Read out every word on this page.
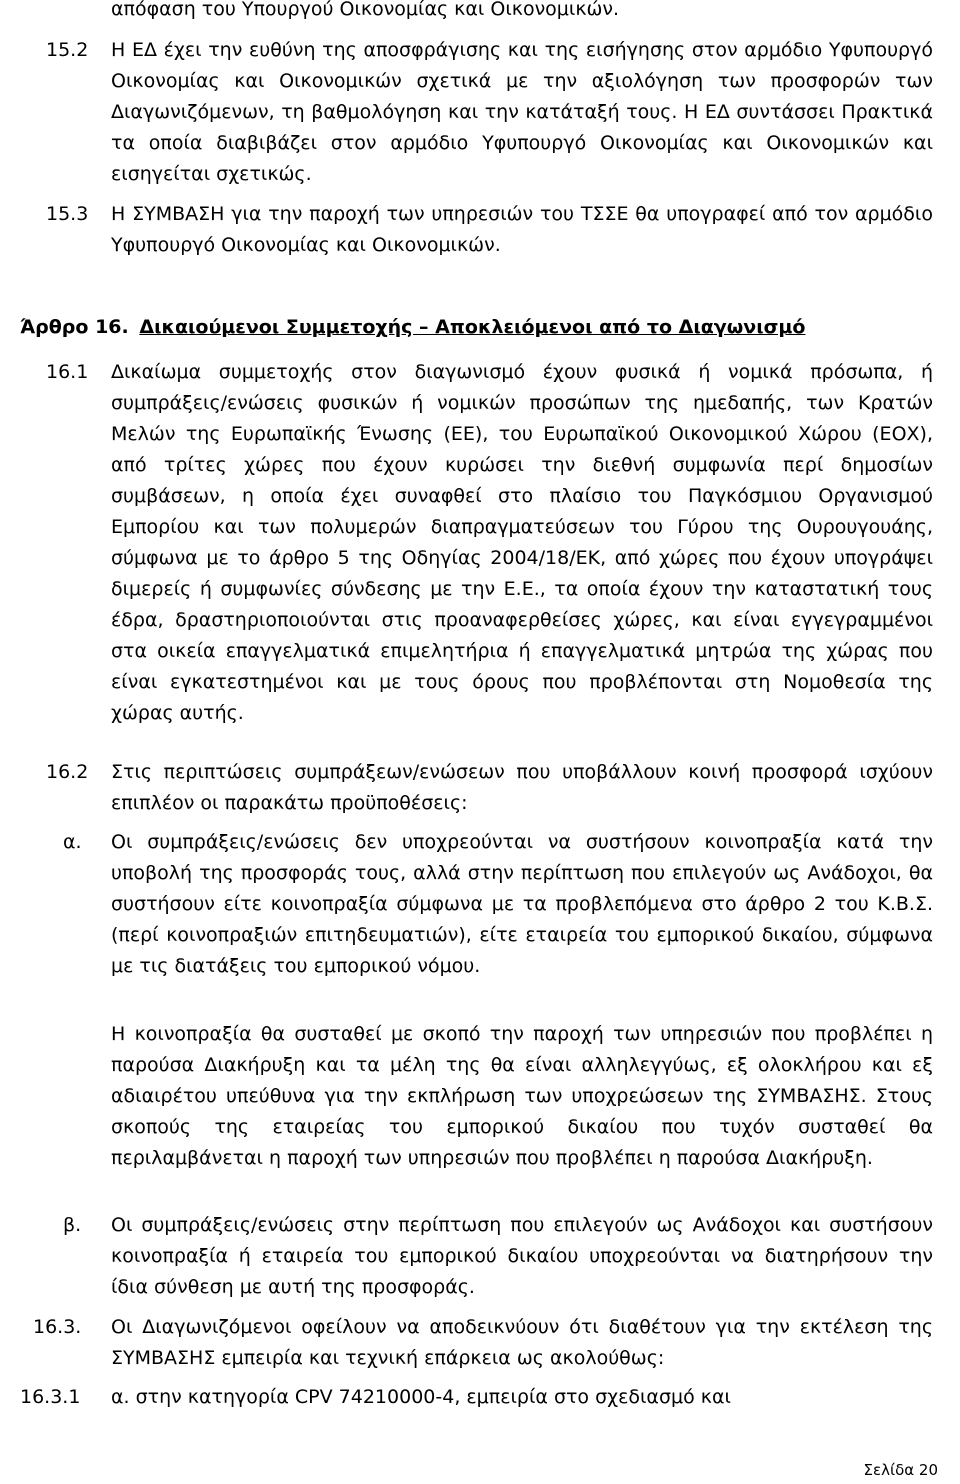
απόφαση του Υπουργού Οικονομίας και Οικονομικών.
15.2 Η ΕΔ έχει την ευθύνη της αποσφράγισης και της εισήγησης στον αρμόδιο Υφυπουργό Οικονομίας και Οικονομικών σχετικά με την αξιολόγηση των προσφορών των Διαγωνιζόμενων, τη βαθμολόγηση και την κατάταξή τους. Η ΕΔ συντάσσει Πρακτικά τα οποία διαβιβάζει στον αρμόδιο Υφυπουργό Οικονομίας και Οικονομικών και εισηγείται σχετικώς.
15.3 Η ΣΥΜΒΑΣΗ για την παροχή των υπηρεσιών του ΤΣΣΕ θα υπογραφεί από τον αρμόδιο Υφυπουργό Οικονομίας και Οικονομικών.
Άρθρο 16. Δικαιούμενοι Συμμετοχής – Αποκλειόμενοι από το Διαγωνισμό
16.1 Δικαίωμα συμμετοχής στον διαγωνισμό έχουν φυσικά ή νομικά πρόσωπα, ή συμπράξεις/ενώσεις φυσικών ή νομικών προσώπων της ημεδαπής, των Κρατών Μελών της Ευρωπαϊκής Ένωσης (ΕΕ), του Ευρωπαϊκού Οικονομικού Χώρου (ΕΟΧ), από τρίτες χώρες που έχουν κυρώσει την διεθνή συμφωνία περί δημοσίων συμβάσεων, η οποία έχει συναφθεί στο πλαίσιο του Παγκόσμιου Οργανισμού Εμπορίου και των πολυμερών διαπραγματεύσεων του Γύρου της Ουρουγουάης, σύμφωνα με το άρθρο 5 της Οδηγίας 2004/18/ΕΚ, από χώρες που έχουν υπογράψει διμερείς ή συμφωνίες σύνδεσης με την Ε.Ε., τα οποία έχουν την καταστατική τους έδρα, δραστηριοποιούνται στις προαναφερθείσες χώρες, και είναι εγγεγραμμένοι στα οικεία επαγγελματικά επιμελητήρια ή επαγγελματικά μητρώα της χώρας που είναι εγκατεστημένοι και με τους όρους που προβλέπονται στη Νομοθεσία της χώρας αυτής.
16.2 Στις περιπτώσεις συμπράξεων/ενώσεων που υποβάλλουν κοινή προσφορά ισχύουν επιπλέον οι παρακάτω προϋποθέσεις:
α. Οι συμπράξεις/ενώσεις δεν υποχρεούνται να συστήσουν κοινοπραξία κατά την υποβολή της προσφοράς τους, αλλά στην περίπτωση που επιλεγούν ως Ανάδοχοι, θα συστήσουν είτε κοινοπραξία σύμφωνα με τα προβλεπόμενα στο άρθρο 2 του Κ.Β.Σ. (περί κοινοπραξιών επιτηδευματιών), είτε εταιρεία του εμπορικού δικαίου, σύμφωνα με τις διατάξεις του εμπορικού νόμου.
Η κοινοπραξία θα συσταθεί με σκοπό την παροχή των υπηρεσιών που προβλέπει η παρούσα Διακήρυξη και τα μέλη της θα είναι αλληλεγγύως, εξ ολοκλήρου και εξ αδιαιρέτου υπεύθυνα για την εκπλήρωση των υποχρεώσεων της ΣΥΜΒΑΣΗΣ. Στους σκοπούς της εταιρείας του εμπορικού δικαίου που τυχόν συσταθεί θα περιλαμβάνεται η παροχή των υπηρεσιών που προβλέπει η παρούσα Διακήρυξη.
β. Οι συμπράξεις/ενώσεις στην περίπτωση που επιλεγούν ως Ανάδοχοι και συστήσουν κοινοπραξία ή εταιρεία του εμπορικού δικαίου υποχρεούνται να διατηρήσουν την ίδια σύνθεση με αυτή της προσφοράς.
16.3. Οι Διαγωνιζόμενοι οφείλουν να αποδεικνύουν ότι διαθέτουν για την εκτέλεση της ΣΥΜΒΑΣΗΣ εμπειρία και τεχνική επάρκεια ως ακολούθως:
16.3.1 α. στην κατηγορία CPV 74210000-4, εμπειρία στο σχεδιασμό και
Σελίδα 20
